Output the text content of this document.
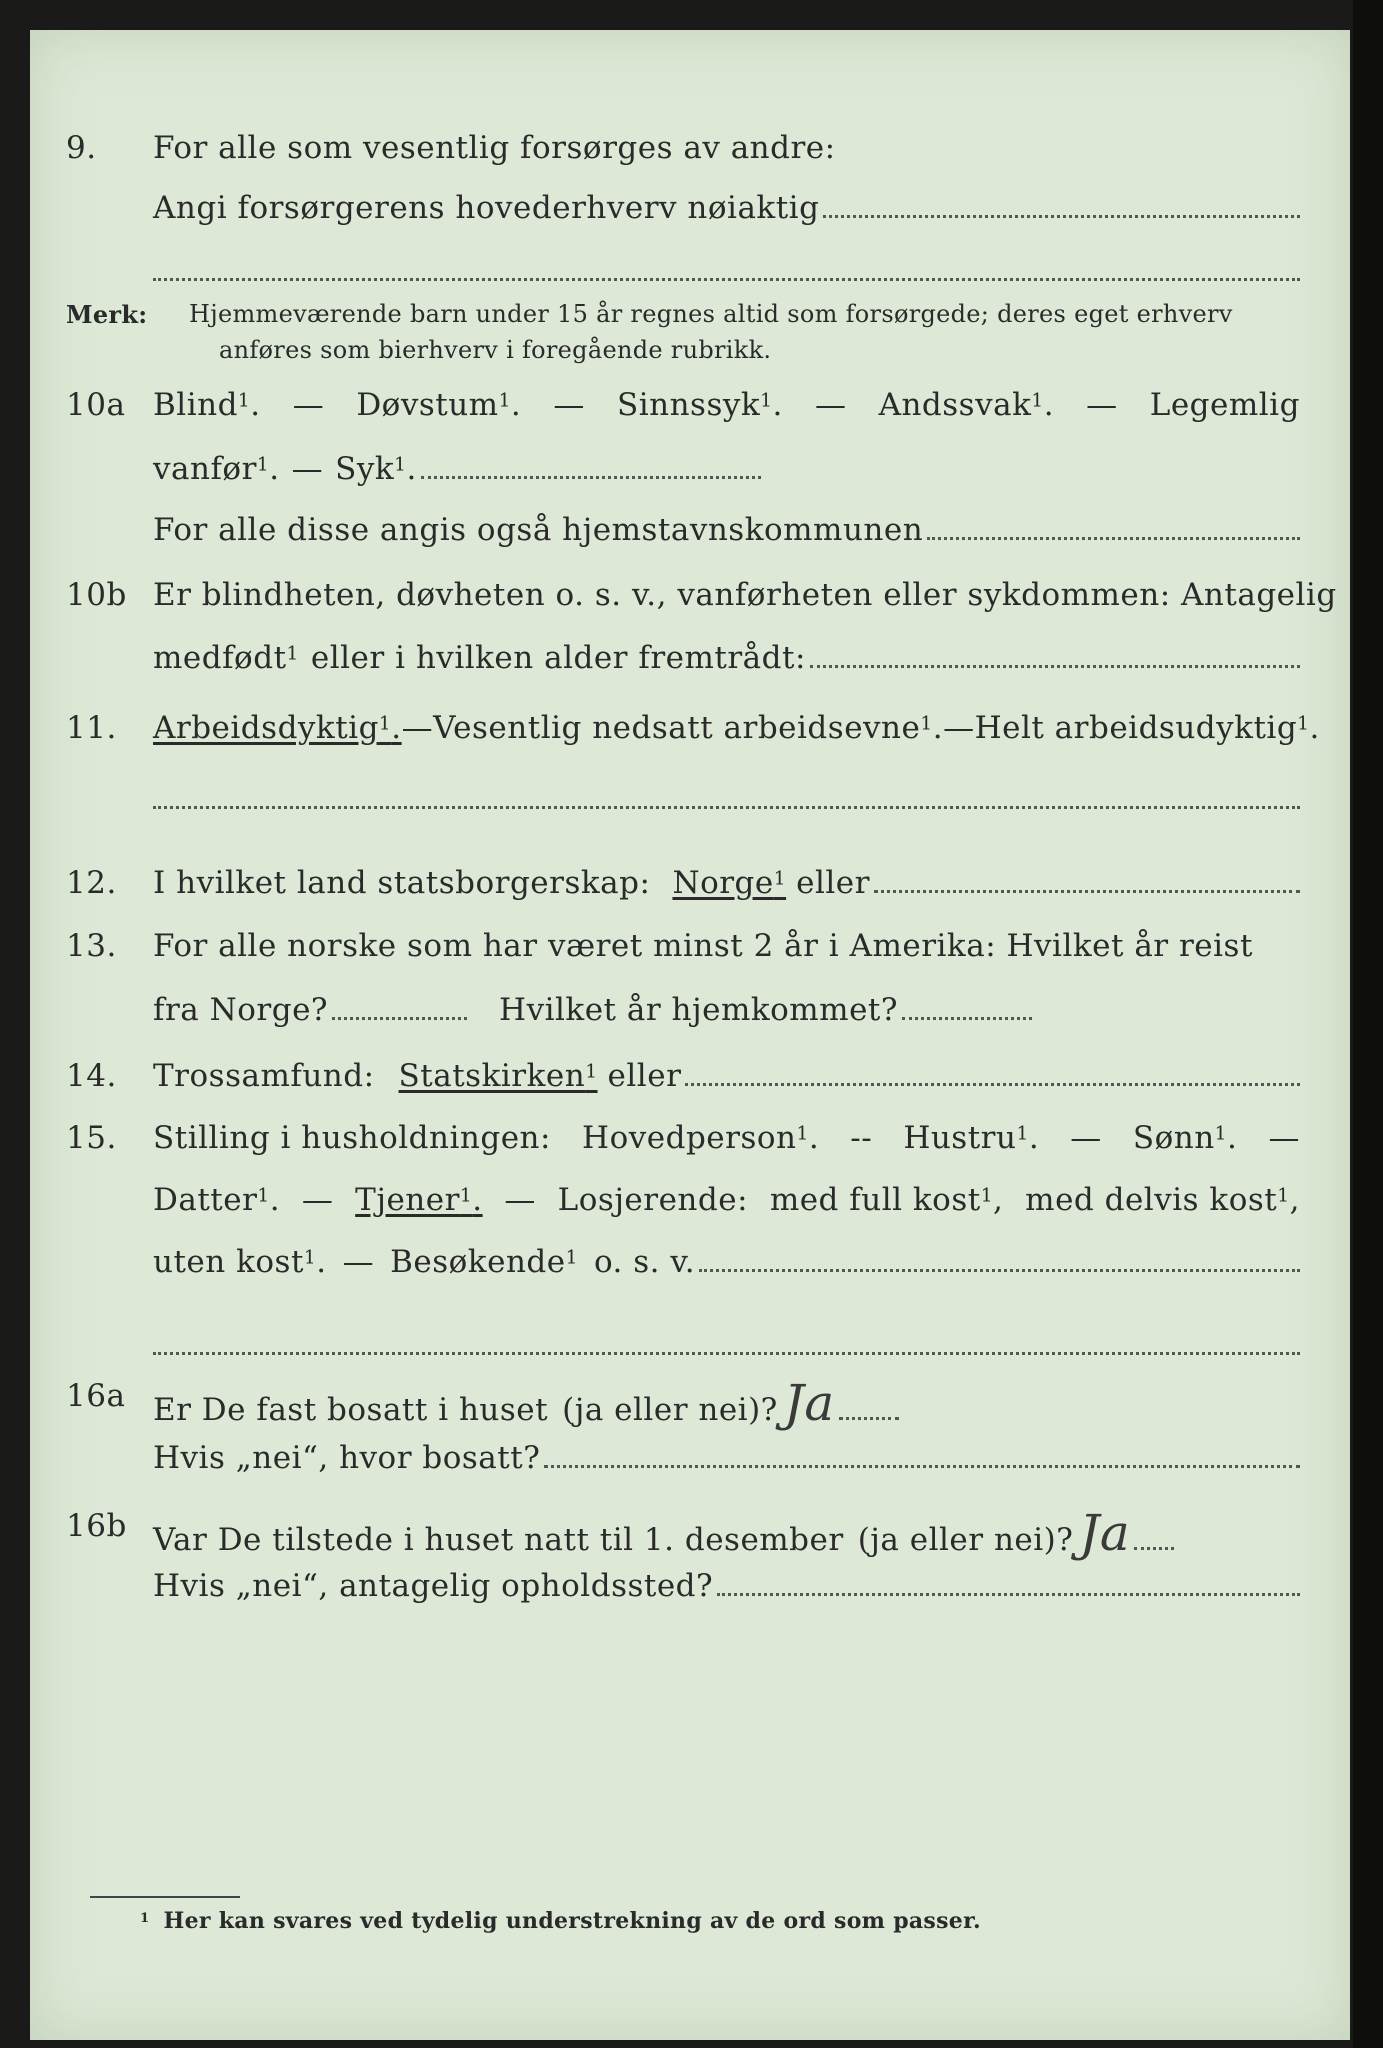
9.	For alle som vesentlig forsørges av andre:
Angi forsørgerens hovederhverv nøiaktig
Merk: Hjemmeværende barn under 15 år regnes altid som forsørgede; deres eget erhverv
anføres som bierhverv i foregående rubrikk.
10a Blind$^1$. — Døvstum$^1$. — Sinnssyk$^1$. — Andssvak$^1$. — Legemlig
vanfør$^1$. — Syk$^1$.
For alle disse angis også hjemstavnskommunen
10b Er blindheten, døvheten o. s. v., vanførheten eller sykdommen: Antagelig
medfødt$^1$ eller i hvilken alder fremtrådt:
11.	Arbeidsdyktig$^1$. — Vesentlig nedsatt arbeidsevne$^1$. — Helt arbeidsudyktig$^1$.
12.	I hvilket land statsborgerskap: Norge$^1$ eller
13.	For alle norske som har været minst 2 år i Amerika: Hvilket år reist
fra Norge?	Hvilket år hjemkommet?
14.	Trossamfund: Statskirken$^1$ eller
15.	Stilling i husholdningen: Hovedperson$^1$. -- Hustru$^1$. — Sønn$^1$. —
Datter$^1$. — Tjener$^1$. — Losjerende: med full kost$^1$, med delvis kost$^1$,
uten kost$^1$. — Besøkende$^1$ o. s. v.
16a Er De fast bosatt i huset (ja eller nei)? Ja
Hvis „nei“, hvor bosatt?
16b Var De tilstede i huset natt til 1. desember (ja eller nei)? Ja
Hvis „nei“, antagelig opholdssted?
$^1$ Her kan svares ved tydelig understrekning av de ord som passer.
